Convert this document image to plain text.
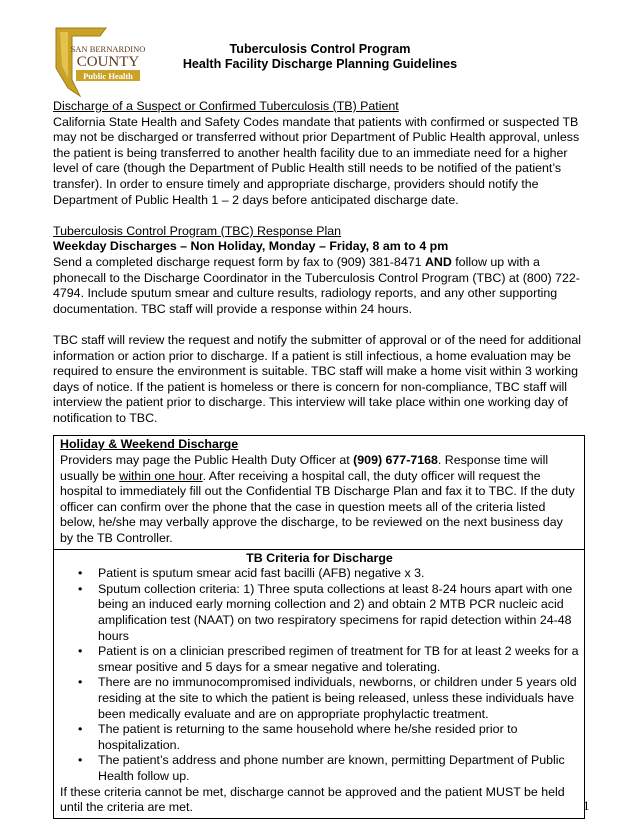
SAN BERNARDINO
COUNTY
Public Health
Tuberculosis Control Program
Health Facility Discharge Planning Guidelines

Discharge of a Suspect or Confirmed Tuberculosis (TB) Patient

California State Health and Safety Codes mandate that patients with confirmed or suspected TB may not be discharged or transferred without prior Department of Public Health approval, unless the patient is being transferred to another health facility due to an immediate need for a higher level of care (though the Department of Public Health still needs to be notified of the patient’s transfer). In order to ensure timely and appropriate discharge, providers should notify the Department of Public Health 1 – 2 days before anticipated discharge date.

Tuberculosis Control Program (TBC) Response Plan

Weekday Discharges – Non Holiday, Monday – Friday, 8 am to 4 pm

Send a completed discharge request form by fax to (909) 381-8471 AND follow up with a phonecall to the Discharge Coordinator in the Tuberculosis Control Program (TBC) at (800) 722-4794. Include sputum smear and culture results, radiology reports, and any other supporting documentation. TBC staff will provide a response within 24 hours.

TBC staff will review the request and notify the submitter of approval or of the need for additional information or action prior to discharge. If a patient is still infectious, a home evaluation may be required to ensure the environment is suitable. TBC staff will make a home visit within 3 working days of notice. If the patient is homeless or there is concern for non-compliance, TBC staff will interview the patient prior to discharge. This interview will take place within one working day of notification to TBC.

Holiday & Weekend Discharge

Providers may page the Public Health Duty Officer at (909) 677-7168. Response time will usually be within one hour. After receiving a hospital call, the duty officer will request the hospital to immediately fill out the Confidential TB Discharge Plan and fax it to TBC. If the duty officer can confirm over the phone that the case in question meets all of the criteria listed below, he/she may verbally approve the discharge, to be reviewed on the next business day by the TB Controller.

TB Criteria for Discharge

• Patient is sputum smear acid fast bacilli (AFB) negative x 3.
• Sputum collection criteria: 1) Three sputa collections at least 8-24 hours apart with one being an induced early morning collection and 2) and obtain 2 MTB PCR nucleic acid amplification test (NAAT) on two respiratory specimens for rapid detection within 24-48 hours
• Patient is on a clinician prescribed regimen of treatment for TB for at least 2 weeks for a smear positive and 5 days for a smear negative and tolerating.
• There are no immunocompromised individuals, newborns, or children under 5 years old residing at the site to which the patient is being released, unless these individuals have been medically evaluate and are on appropriate prophylactic treatment.
• The patient is returning to the same household where he/she resided prior to hospitalization.
• The patient’s address and phone number are known, permitting Department of Public Health follow up.

If these criteria cannot be met, discharge cannot be approved and the patient MUST be held until the criteria are met.	1
